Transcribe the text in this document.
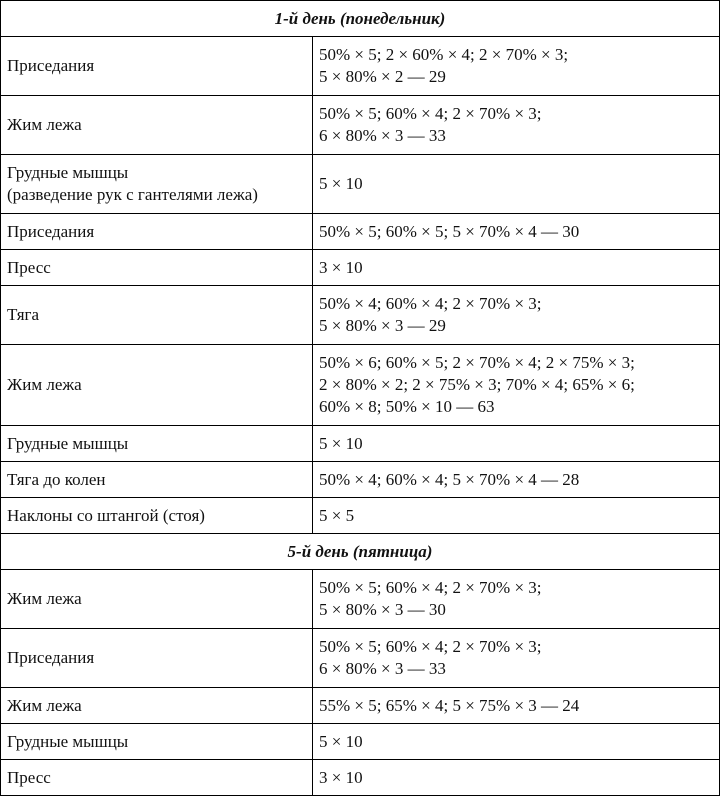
1-й день (понедельник)	

Приседания	50% × 5; 2 × 60% × 4; 2 × 70% × 3;
5 × 80% × 2 — 29

Жим лежа	50% × 5; 60% × 4; 2 × 70% × 3;
6 × 80% × 3 — 33

Грудные мышцы
(разведение рук с гантелями лежа)	5 × 10

Приседания	50% × 5; 60% × 5; 5 × 70% × 4 — 30

Пресс	3 × 10

Тяга	50% × 4; 60% × 4; 2 × 70% × 3;
5 × 80% × 3 — 29

Жим лежа	50% × 6; 60% × 5; 2 × 70% × 4; 2 × 75% × 3;
2 × 80% × 2; 2 × 75% × 3; 70% × 4; 65% × 6;
60% × 8; 50% × 10 — 63

Грудные мышцы	5 × 10

Тяга до колен	50% × 4; 60% × 4; 5 × 70% × 4 — 28

Наклоны со штангой (стоя)	5 × 5

5-й день (пятница)	

Жим лежа	50% × 5; 60% × 4; 2 × 70% × 3;
5 × 80% × 3 — 30

Приседания	50% × 5; 60% × 4; 2 × 70% × 3;
6 × 80% × 3 — 33

Жим лежа	55% × 5; 65% × 4; 5 × 75% × 3 — 24

Грудные мышцы	5 × 10

Пресс	3 × 10
